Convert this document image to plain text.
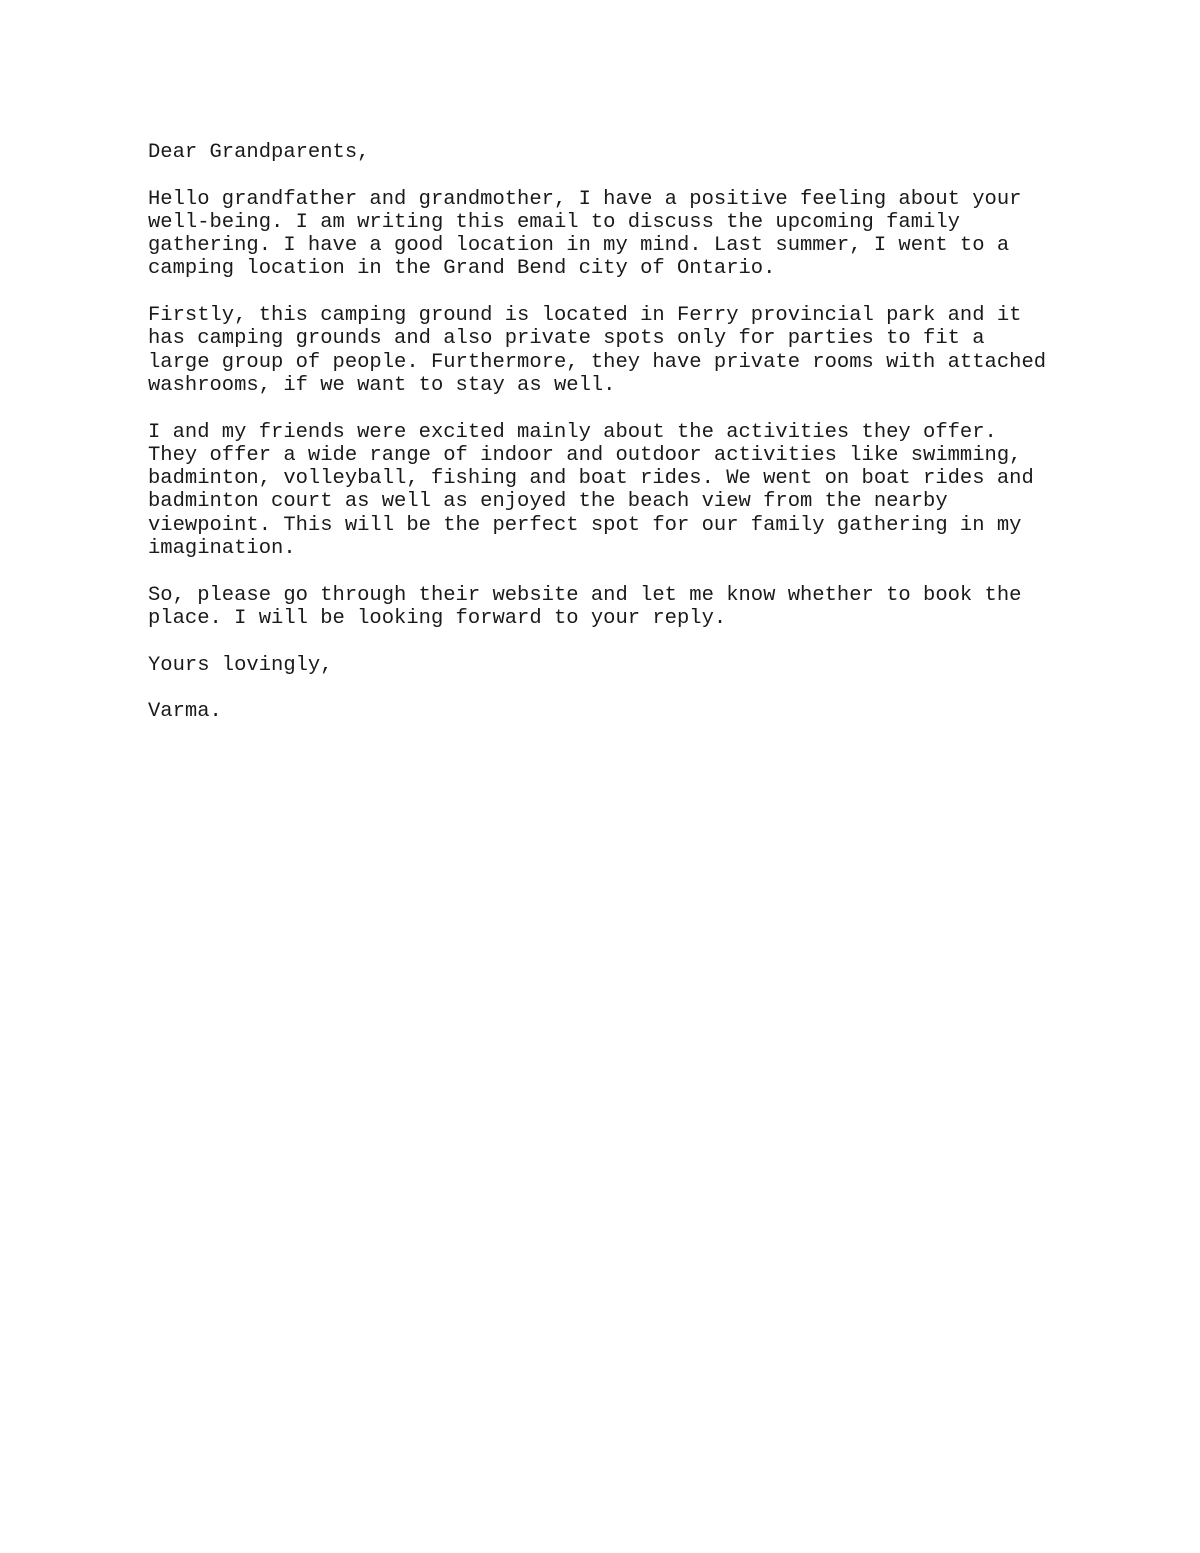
Dear Grandparents,
Hello grandfather and grandmother, I have a positive feeling about your
well-being. I am writing this email to discuss the upcoming family
gathering. I have a good location in my mind. Last summer, I went to a
camping location in the Grand Bend city of Ontario.
Firstly, this camping ground is located in Ferry provincial park and it
has camping grounds and also private spots only for parties to fit a
large group of people. Furthermore, they have private rooms with attached
washrooms, if we want to stay as well.
I and my friends were excited mainly about the activities they offer.
They offer a wide range of indoor and outdoor activities like swimming,
badminton, volleyball, fishing and boat rides. We went on boat rides and
badminton court as well as enjoyed the beach view from the nearby
viewpoint. This will be the perfect spot for our family gathering in my
imagination.
So, please go through their website and let me know whether to book the
place. I will be looking forward to your reply.
Yours lovingly,
Varma.
